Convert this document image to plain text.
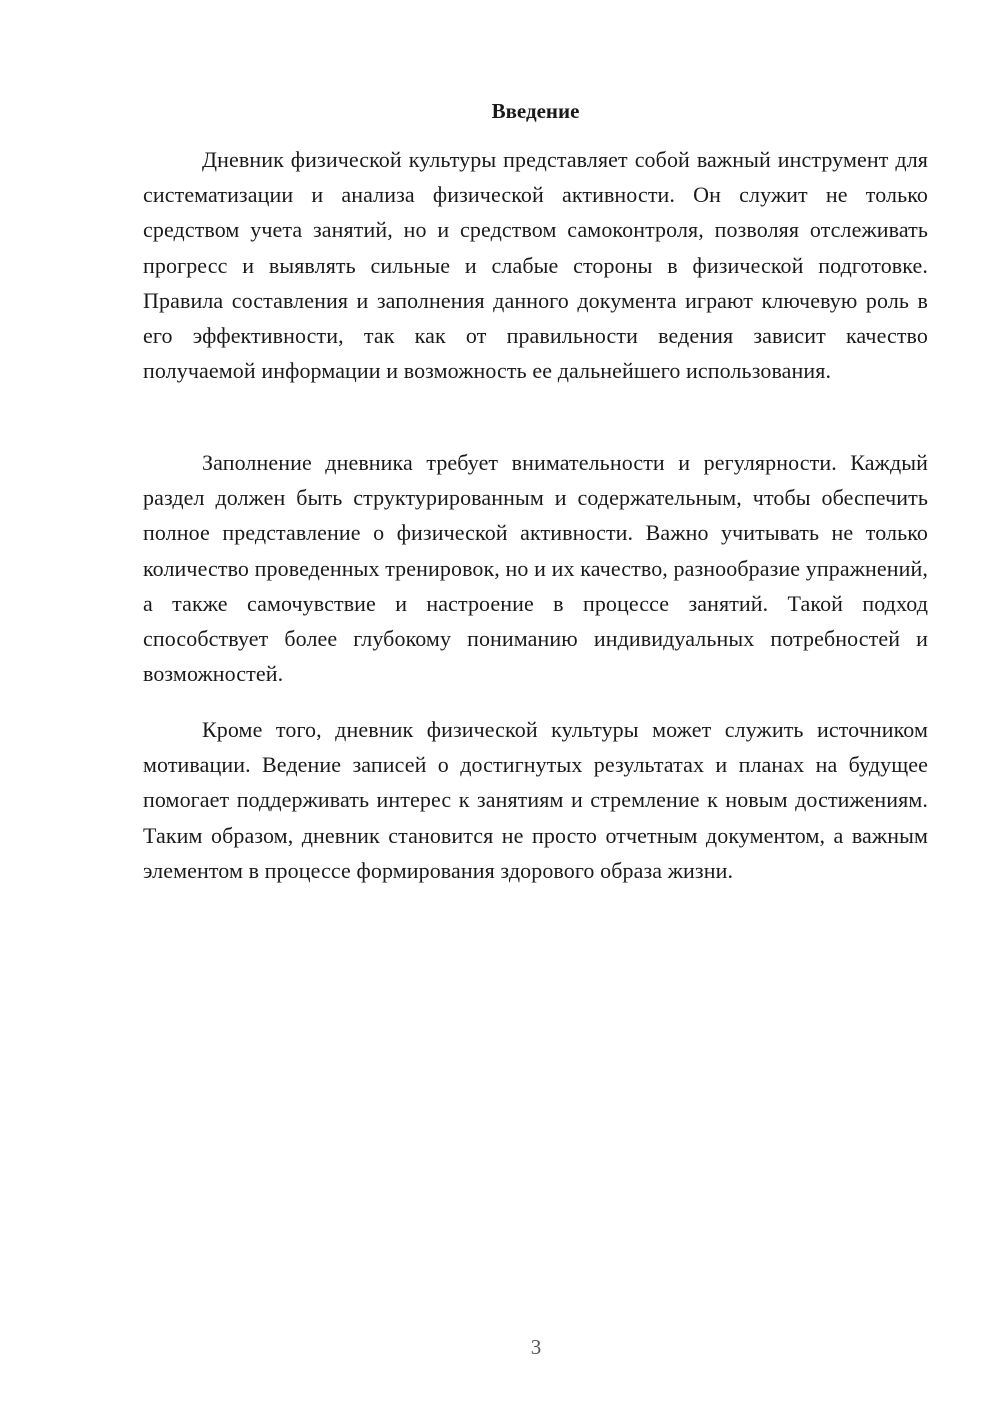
Введение

Дневник физической культуры представляет собой важный инструмент для систематизации и анализа физической активности. Он служит не только средством учета занятий, но и средством самоконтроля, позволяя отслеживать прогресс и выявлять сильные и слабые стороны в физической подготовке. Правила составления и заполнения данного документа играют ключевую роль в его эффективности, так как от правильности ведения зависит качество получаемой информации и возможность ее дальнейшего использования.

Заполнение дневника требует внимательности и регулярности. Каждый раздел должен быть структурированным и содержательным, чтобы обеспечить полное представление о физической активности. Важно учитывать не только количество проведенных тренировок, но и их качество, разнообразие упражнений, а также самочувствие и настроение в процессе занятий. Такой подход способствует более глубокому пониманию индивидуальных потребностей и возможностей.

Кроме того, дневник физической культуры может служить источником мотивации. Ведение записей о достигнутых результатах и планах на будущее помогает поддерживать интерес к занятиям и стремление к новым достижениям. Таким образом, дневник становится не просто отчетным документом, а важным элементом в процессе формирования здорового образа жизни.

3
